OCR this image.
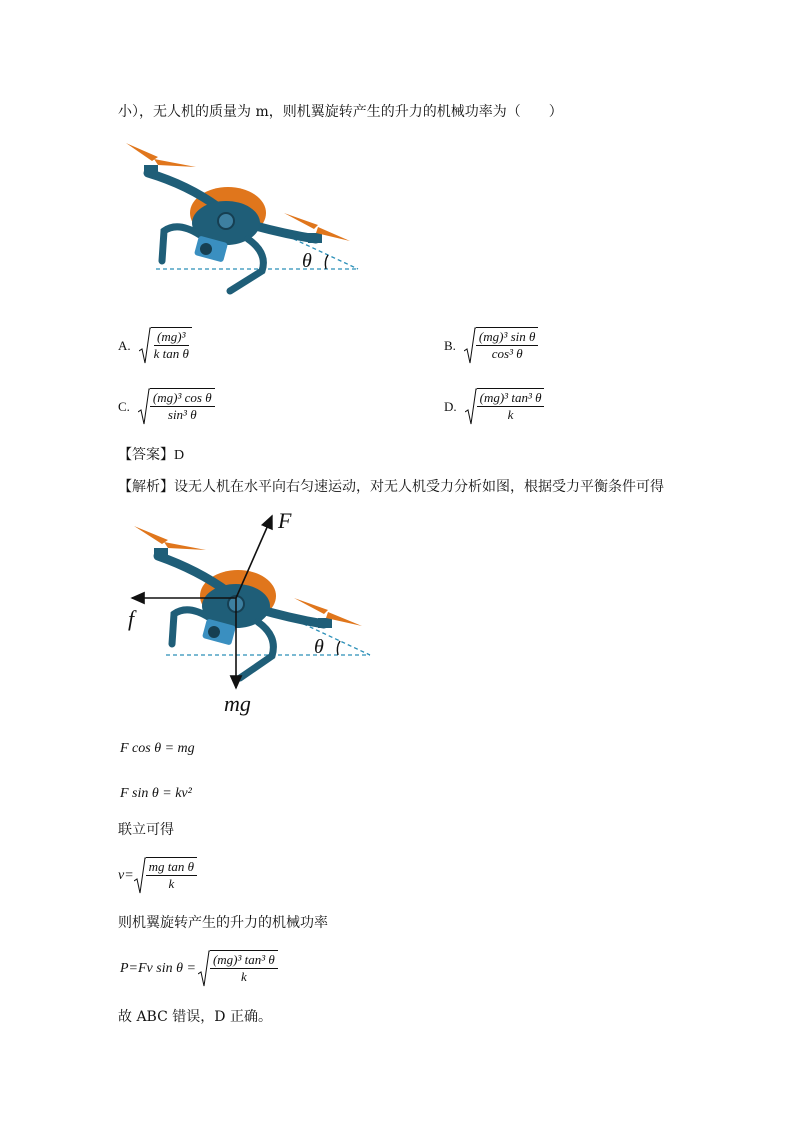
小），无人机的质量为 m，则机翼旋转产生的升力的机械功率为（　　）
θ
A. $\frac{\text{(mg)³}}{\text{k tan θ}}$	B. $\frac{\text{(mg)³ sin θ}}{\text{cos³ θ}}$
C. $\frac{\text{(mg)³ cos θ}}{\text{sin³ θ}}$	D. $\frac{\text{(mg)³ tan³ θ}}{k}$
【答案】D
【解析】设无人机在水平向右匀速运动，对无人机受力分析如图，根据受力平衡条件可得
F
f
mg
θ
F cos θ = mg
F sin θ = kv²
联立可得
$v= \frac{\text{mg tan θ}}{k}$
则机翼旋转产生的升力的机械功率
P=Fv $\sin \theta = \frac{\text{(mg)³ tan³ θ}}{k}$
故 ABC 错误，D 正确。
